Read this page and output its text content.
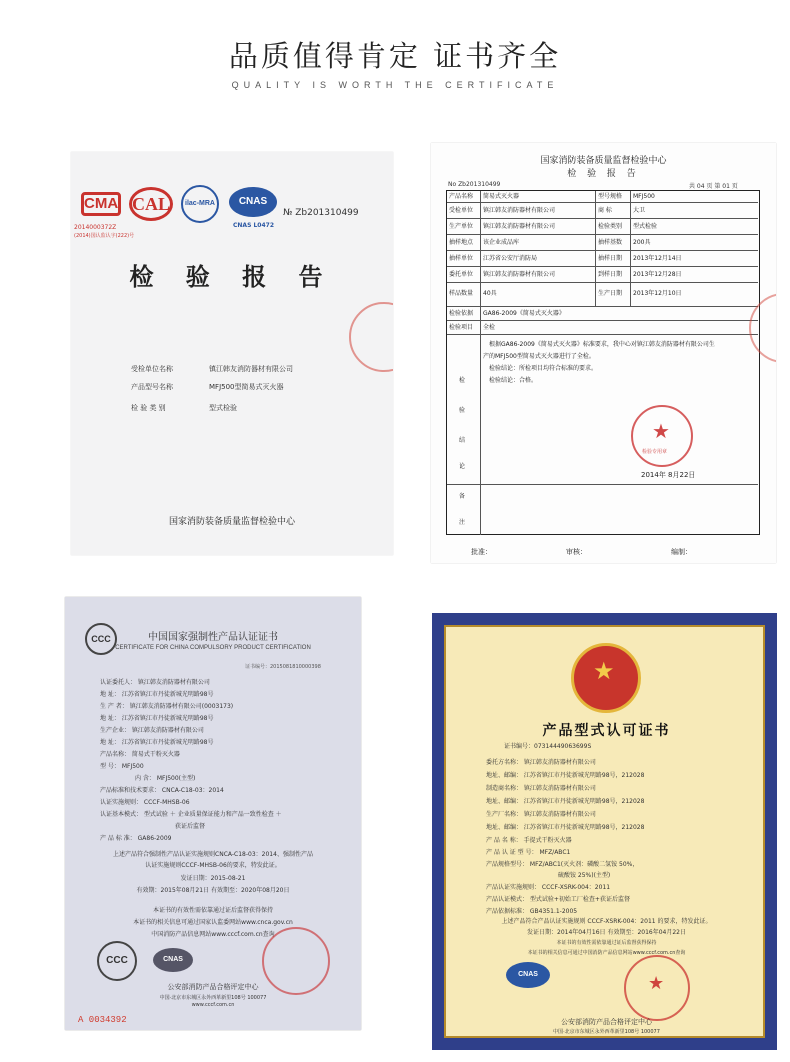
品质值得肯定 证书齐全
QUALITY IS WORTH THE CERTIFICATE
CMA CAL	ilac-MRA	CNAS
2014000372Z
(2014)国认监认字(222)号
CNAS L0472
№ Zb201310499
检 验 报 告
受检单位名称	镇江韩友消防器材有限公司
产品型号名称	MFJ500型简易式灭火器
检 验 类 别	型式检验
国家消防装备质量监督检验中心
国家消防装备质量监督检验中心
检 验 报 告
No Zb201310499	共 04 页 第 01 页
产品名称 简易式灭火器	型号规格 MFJ500
受检单位 镇江韩友消防器材有限公司	商 标	大卫
生产单位 镇江韩友消防器材有限公司	检验类别 型式检验
抽样地点 该企业成品库	抽样基数 200具
抽样单位 江苏省公安厅消防局	抽样日期 2013年12月14日
委托单位 镇江韩友消防器材有限公司	到样日期 2013年12月28日
样品数量 40具	生产日期 2013年12月10日
检验依据 GA86-2009《简易式灭火器》
检验项目 全检
检
验
结
论
根据GA86-2009《简易式灭火器》标准要求，我中心对镇江韩友消防器材有限公司生
产的MFJ500型简易式灭火器进行了全检。
检验结论：所检项目均符合标准的要求。
检验结论：合格。
备
注
★
检验专用章
2014年 8月22日
批准：	审核：	编制：
CCC	中国国家强制性产品认证证书
CERTIFICATE FOR CHINA COMPULSORY PRODUCT CERTIFICATION
证书编号：2015081810000398
认证委托人： 镇江韩友消防器材有限公司
地 址： 江苏省镇江市丹徒新城光明路98号
生 产 者： 镇江韩友消防器材有限公司(0003173)
地 址： 江苏省镇江市丹徒新城光明路98号
生产企业： 镇江韩友消防器材有限公司
地 址： 江苏省镇江市丹徒新城光明路98号
产品名称： 简易式干粉灭火器
型 号： MFJ500
内 含： MFJ500(主型)
产品标准和技术要求： CNCA-C18-03：2014
认证实施规则： CCCF-MHSB-06
认证基本模式： 型式试验 ＋ 企业质量保证能力和产品一致性检查 ＋
获证后监督
产 品 标 准： GA86-2009
上述产品符合强制性产品认证实施规则CNCA-C18-03：2014、强制性产品
认证实施规则CCCF-MHSB-06的要求，特发此证。
发证日期：2015-08-21
有效期：2015年08月21日 有效期至：2020年08月20日
本证书的有效性需依靠通过证后监督获得保持
本证书的相关信息可通过国家认监委网站www.cnca.gov.cn
中国消防产品信息网站www.cccf.com.cn查询
CCC	CNAS
公安部消防产品合格评定中心
中国·北京市东城区永外西革新里108号 100077
www.cccf.com.cn
A 0034392
★
产品型式认可证书
证书编号：07314449063699S
委托方名称： 镇江韩友消防器材有限公司
地址、邮编： 江苏省镇江市丹徒新城光明路98号，212028
制造商名称： 镇江韩友消防器材有限公司
地址、邮编： 江苏省镇江市丹徒新城光明路98号，212028
生产厂名称： 镇江韩友消防器材有限公司
地址、邮编： 江苏省镇江市丹徒新城光明路98号，212028
产 品 名 称： 手提式干粉灭火器
产 品 认 证 型 号： MFZ/ABC1
产品规格型号： MFZ/ABC1(灭火剂：磷酸二氢铵 50%，
硫酸铵 25%)(主型)
产品认证实施规则： CCCF-XSRK-004：2011
产品认证模式： 型式试验+初始工厂检查+获证后监督
产品依据标准： GB4351.1-2005
上述产品符合产品认证实施规则 CCCF-XSRK-004：2011 的要求，特发此证。
发证日期：2014年04月16日 有效期至：2016年04月22日
本证书的有效性需依靠通过证后监督获得保持
本证书的相关信息可通过中国消防产品信息网站www.cccf.com.cn查询
CNAS	★
公安部消防产品合格评定中心
中国·北京市东城区永外西革新里108号 100077
